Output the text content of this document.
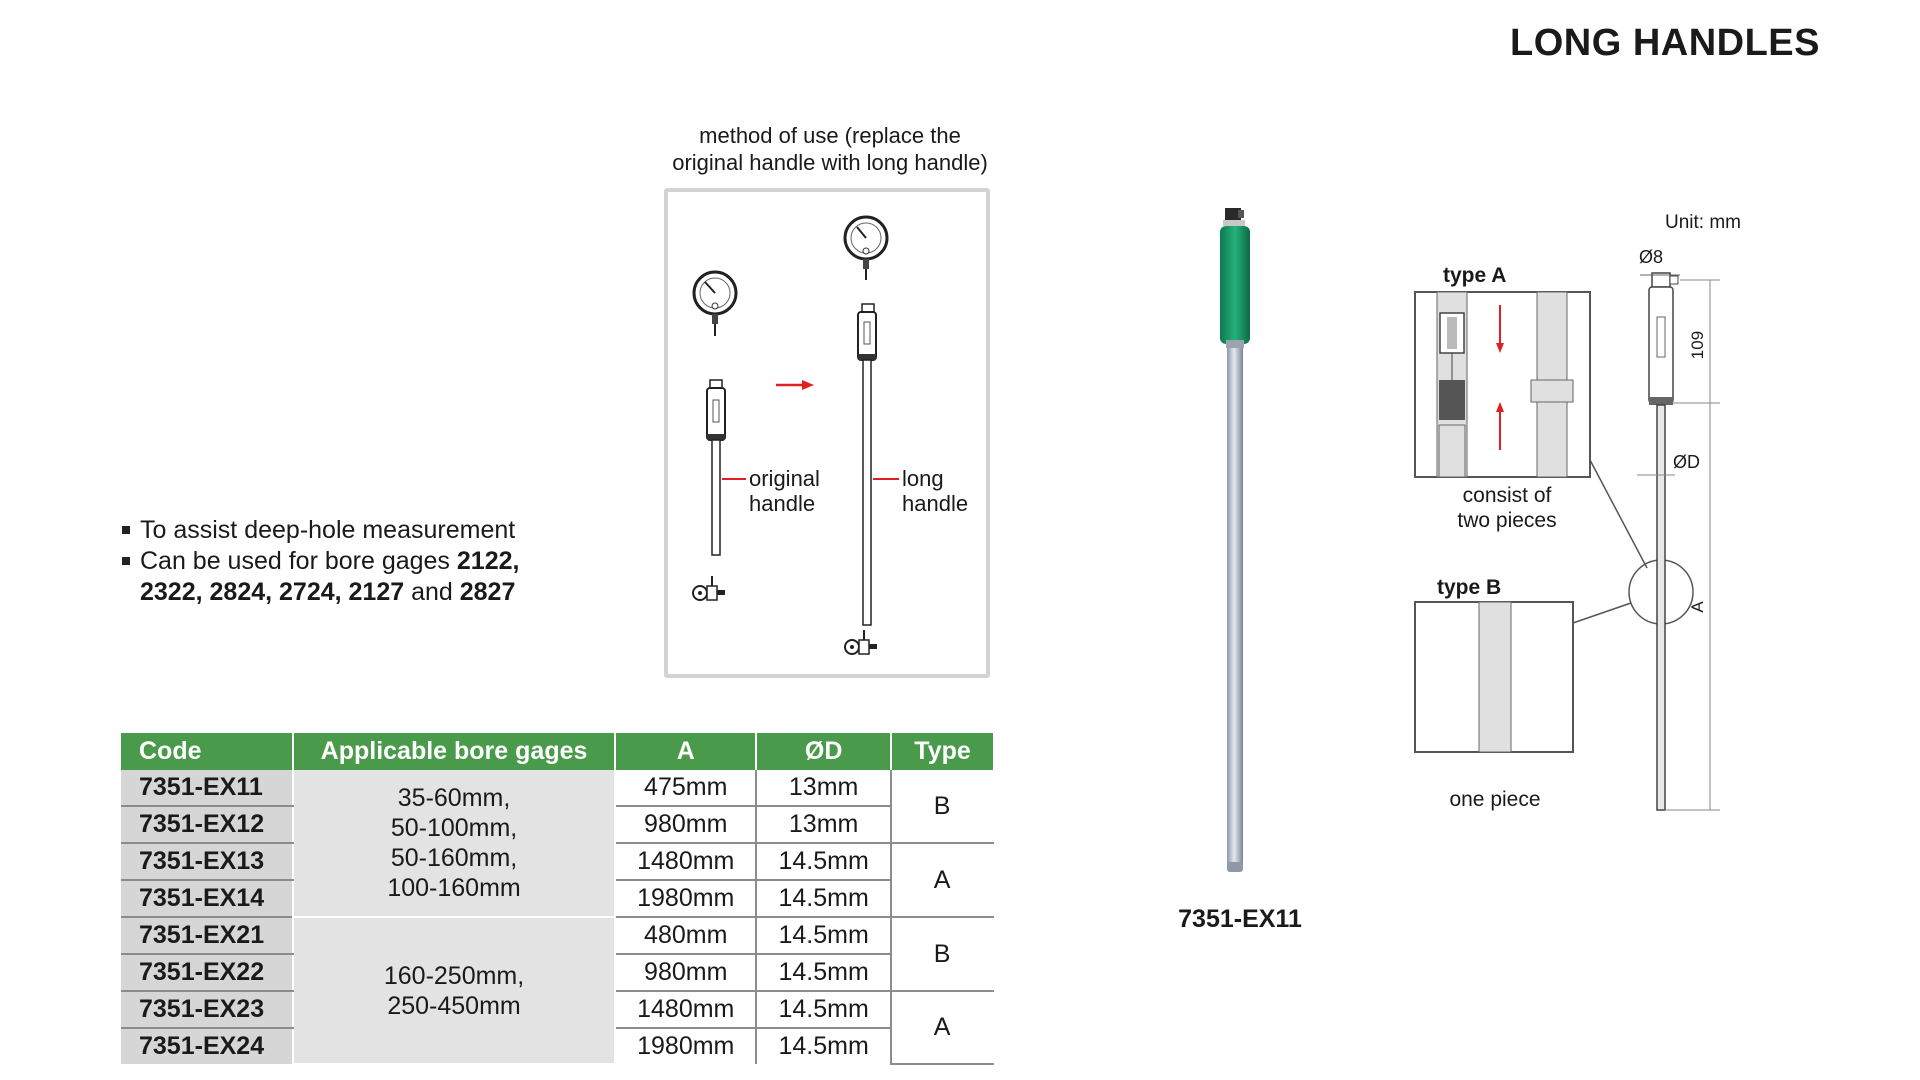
LONG HANDLES
method of use (replace the
original handle with long handle)
original
handle
long
handle
To assist deep-hole measurement
Can be used for bore gages 2122,
2322, 2824, 2724, 2127 and 2827
Code	Applicable bore gages	A	ØD	Type
7351-EX11	35-60mm,
50-100mm,
50-160mm,
100-160mm	475mm	13mm	B
7351-EX12		980mm	13mm	
7351-EX13		1480mm	14.5mm	A
7351-EX14		1980mm	14.5mm	
7351-EX21	160-250mm,
250-450mm	480mm	14.5mm	B
7351-EX22		980mm	14.5mm	
7351-EX23		1480mm	14.5mm	A
7351-EX24		1980mm	14.5mm	
7351-EX11
Unit: mm
type A
consist of
two pieces
type B
one piece
Ø8
109
A
ØD
